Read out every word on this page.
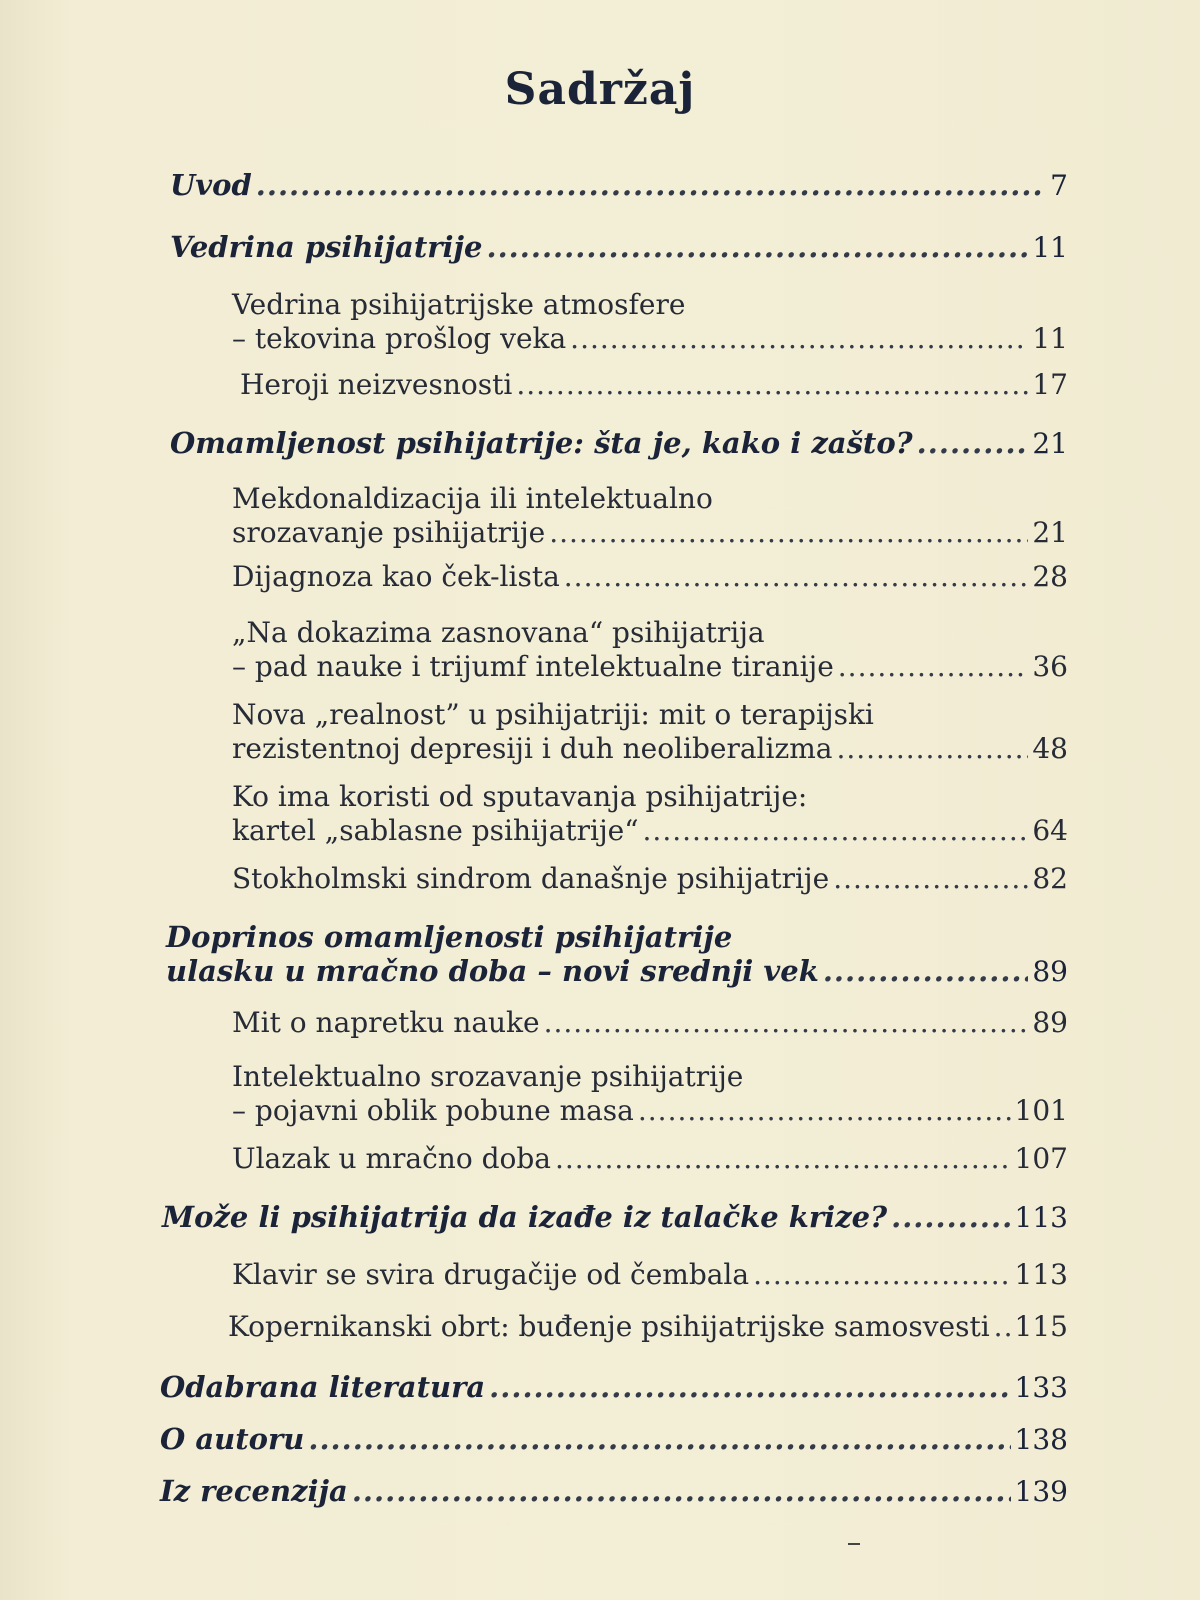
Sadržaj
Uvod .....	7
Vedrina psihijatrije .....	11
Vedrina psihijatrijske atmosfere
– tekovina prošlog veka .....	11
Heroji neizvesnosti .....	17
Omamljenost psihijatrije: šta je, kako i zašto? .....	21
Mekdonaldizacija ili intelektualno
srozavanje psihijatrije .....	21
Dijagnoza kao ček-lista .....	28
„Na dokazima zasnovana“ psihijatrija
– pad nauke i trijumf intelektualne tiranije .....	36
Nova „realnost” u psihijatriji: mit o terapijski
rezistentnoj depresiji i duh neoliberalizma .....	48
Ko ima koristi od sputavanja psihijatrije:
kartel „sablasne psihijatrije“ .....	64
Stokholmski sindrom današnje psihijatrije .....	82
Doprinos omamljenosti psihijatrije
ulasku u mračno doba – novi srednji vek .....	89
Mit o napretku nauke .....	89
Intelektualno srozavanje psihijatrije
– pojavni oblik pobune masa .....	101
Ulazak u mračno doba .....	107
Može li psihijatrija da izađe iz talačke krize? .....	113
Klavir se svira drugačije od čembala .....	113
Kopernikanski obrt: buđenje psihijatrijske samosvesti ..... 115
Odabrana literatura .....	133
O autoru .....	138
Iz recenzija .....	139
